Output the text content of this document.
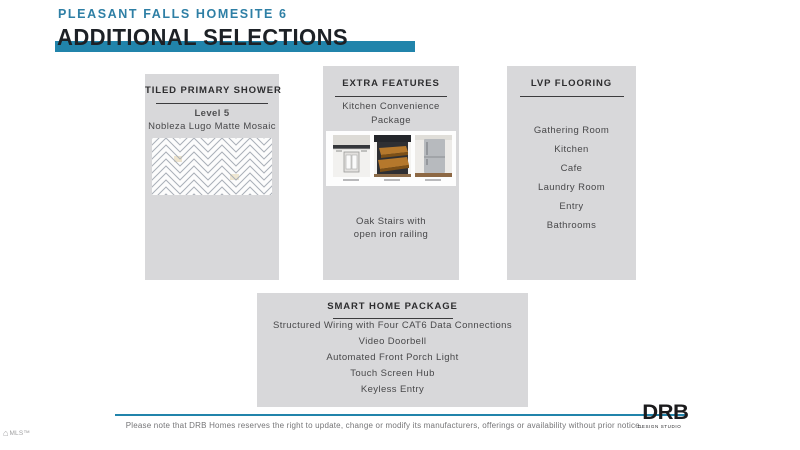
PLEASANT FALLS HOMESITE 6
ADDITIONAL SELECTIONS
TILED PRIMARY SHOWER
Level 5
Nobleza Lugo Matte Mosaic
EXTRA FEATURES
Kitchen Convenience
Package
Oak Stairs with
open iron railing
LVP FLOORING
Gathering Room
Kitchen
Cafe
Laundry Room
Entry
Bathrooms
SMART HOME PACKAGE
Structured Wiring with Four CAT6 Data Connections
Video Doorbell
Automated Front Porch Light
Touch Screen Hub
Keyless Entry
Please note that DRB Homes reserves the right to update, change or modify its manufacturers, offerings or availability without prior notice.
DRB
DESIGN STUDIO
⌂ MLS™
